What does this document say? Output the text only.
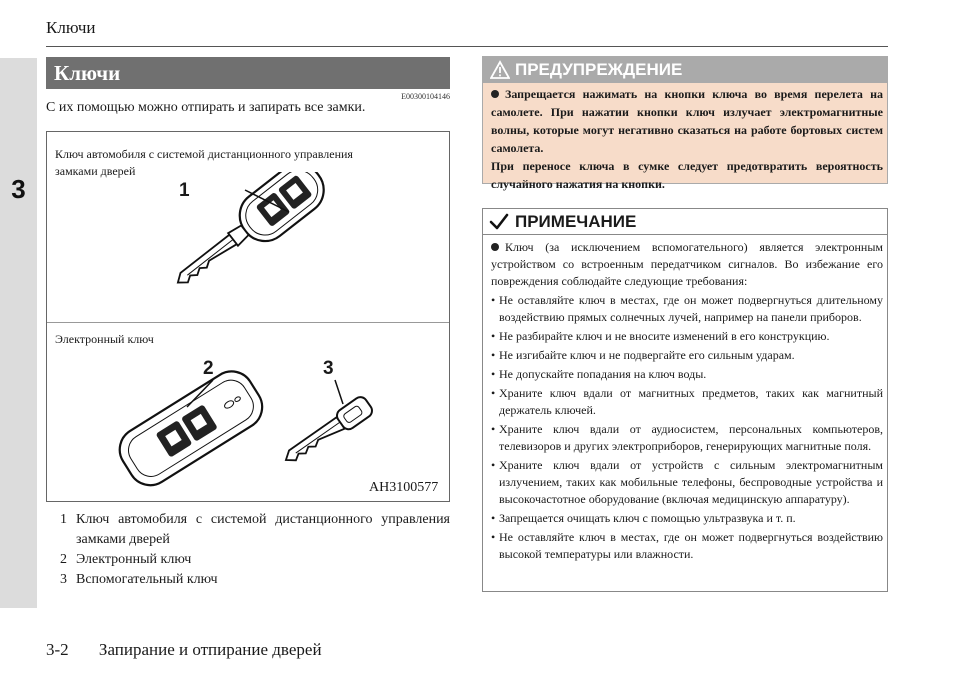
Ключи
3
Ключи
E00300104146
С их помощью можно отпирать и запирать все замки.
Ключ автомобиля с системой дистанционного управления замками дверей
1
Электронный ключ
2	3
AH3100577
1 Ключ автомобиля с системой дистанционного управления замками дверей
2 Электронный ключ
3 Вспомогательный ключ
ПРЕДУПРЕЖДЕНИЕ

Запрещается нажимать на кнопки ключа во время перелета на самолете. При нажатии кнопки ключ излучает электромагнитные волны, которые могут негативно сказаться на работе бортовых систем самолета.

При переносе ключа в сумке следует предотвратить вероятность случайного нажатия на кнопки.

ПРИМЕЧАНИЕ

Ключ (за исключением вспомогательного) является электронным устройством со встроенным передатчиком сигналов. Во избежание его повреждения соблюдайте следующие требования:

• Не оставляйте ключ в местах, где он может подвергнуться длительному воздействию прямых солнечных лучей, например на панели приборов.
• Не разбирайте ключ и не вносите изменений в его конструкцию.
• Не изгибайте ключ и не подвергайте его сильным ударам.
• Не допускайте попадания на ключ воды.
• Храните ключ вдали от магнитных предметов, таких как магнитный держатель ключей.
• Храните ключ вдали от аудиосистем, персональных компьютеров, телевизоров и других электроприборов, генерирующих магнитные поля.
• Храните ключ вдали от устройств с сильным электромагнитным излучением, таких как мобильные телефоны, беспроводные устройства и высокочастотное оборудование (включая медицинскую аппаратуру).
• Запрещается очищать ключ с помощью ультразвука и т. п.
• Не оставляйте ключ в местах, где он может подвергнуться воздействию высокой температуры или влажности.
3-2 Запирание и отпирание дверей
